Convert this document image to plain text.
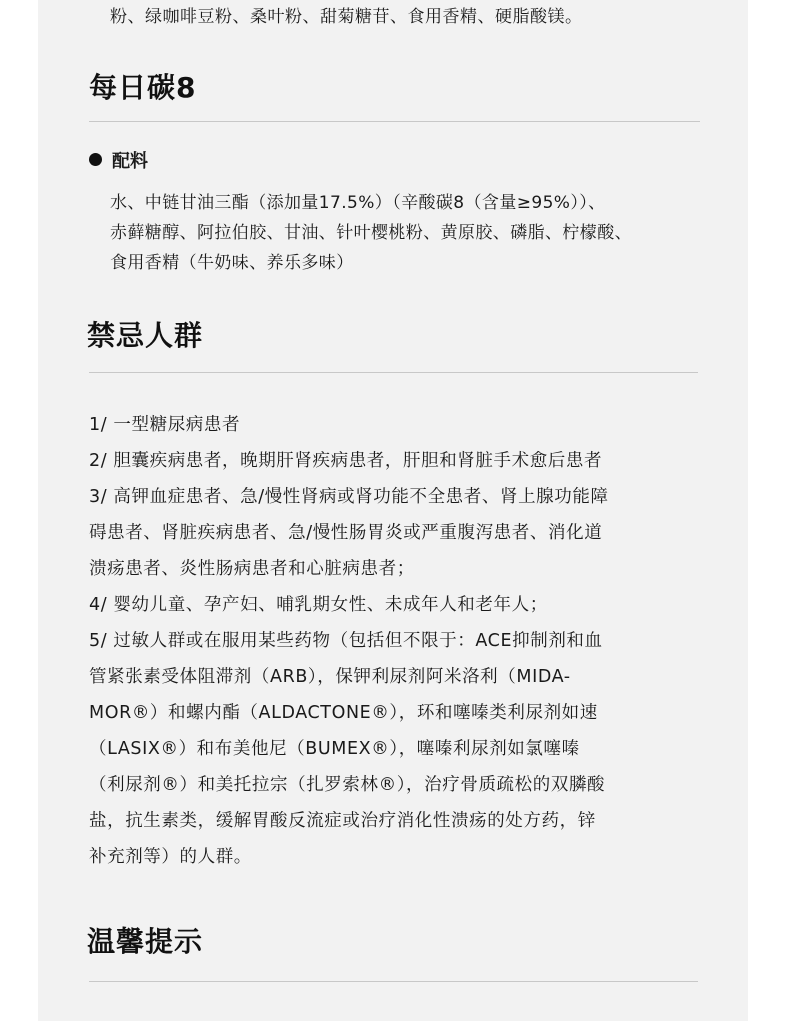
粉、绿咖啡豆粉、桑叶粉、甜菊糖苷、食用香精、硬脂酸镁。
每日碳8
配料
水、中链甘油三酯（添加量17.5%）（辛酸碳8（含量≥95%））、
赤藓糖醇、阿拉伯胶、甘油、针叶樱桃粉、黄原胶、磷脂、柠檬酸、
食用香精（牛奶味、养乐多味）
禁忌人群
1/ 一型糖尿病患者
2/ 胆囊疾病患者，晚期肝肾疾病患者，肝胆和肾脏手术愈后患者
3/ 高钾血症患者、急/慢性肾病或肾功能不全患者、肾上腺功能障
碍患者、肾脏疾病患者、急/慢性肠胃炎或严重腹泻患者、消化道
溃疡患者、炎性肠病患者和心脏病患者；
4/ 婴幼儿童、孕产妇、哺乳期女性、未成年人和老年人；
5/ 过敏人群或在服用某些药物（包括但不限于：ACE抑制剂和血
管紧张素受体阻滞剂（ARB），保钾利尿剂阿米洛利（MIDA-
MOR®）和螺内酯（ALDACTONE®），环和噻嗪类利尿剂如速
（LASIX®）和布美他尼（BUMEX®），噻嗪利尿剂如氯噻嗪
（利尿剂®）和美托拉宗（扎罗索林®），治疗骨质疏松的双膦酸
盐，抗生素类，缓解胃酸反流症或治疗消化性溃疡的处方药，锌
补充剂等）的人群。
温馨提示
